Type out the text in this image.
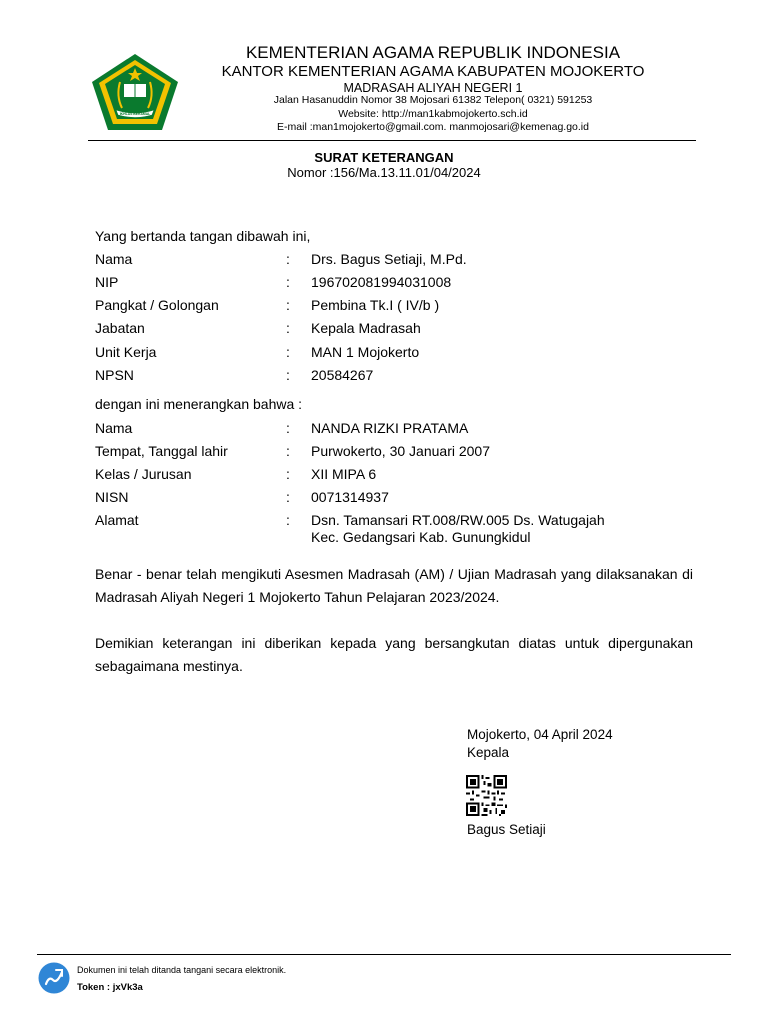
IKHLAS BERAMAL
KEMENTERIAN AGAMA REPUBLIK INDONESIA
KANTOR KEMENTERIAN AGAMA KABUPATEN MOJOKERTO
MADRASAH ALIYAH NEGERI 1
Jalan Hasanuddin Nomor 38 Mojosari 61382 Telepon( 0321) 591253
Website: http://man1kabmojokerto.sch.id
E-mail :man1mojokerto@gmail.com. manmojosari@kemenag.go.id
SURAT KETERANGAN
Nomor :156/Ma.13.11.01/04/2024
Yang bertanda tangan dibawah ini,
Nama	: Drs. Bagus Setiaji, M.Pd.
NIP	: 196702081994031008
Pangkat / Golongan	: Pembina Tk.I ( IV/b )
Jabatan	: Kepala Madrasah
Unit Kerja	: MAN 1 Mojokerto
NPSN	: 20584267
dengan ini menerangkan bahwa :
Nama	: NANDA RIZKI PRATAMA
Tempat, Tanggal lahir	: Purwokerto, 30 Januari 2007
Kelas / Jurusan	: XII MIPA 6
NISN	: 0071314937
Alamat	: Dsn. Tamansari RT.008/RW.005 Ds. Watugajah
Kec. Gedangsari Kab. Gunungkidul
Benar - benar telah mengikuti Asesmen Madrasah (AM) / Ujian Madrasah yang dilaksanakan di Madrasah Aliyah Negeri 1 Mojokerto Tahun Pelajaran 2023/2024.
Demikian keterangan ini diberikan kepada yang bersangkutan diatas untuk dipergunakan sebagaimana mestinya.
Mojokerto, 04 April 2024
Kepala
Bagus Setiaji
Dokumen ini telah ditanda tangani secara elektronik.
Token : jxVk3a
